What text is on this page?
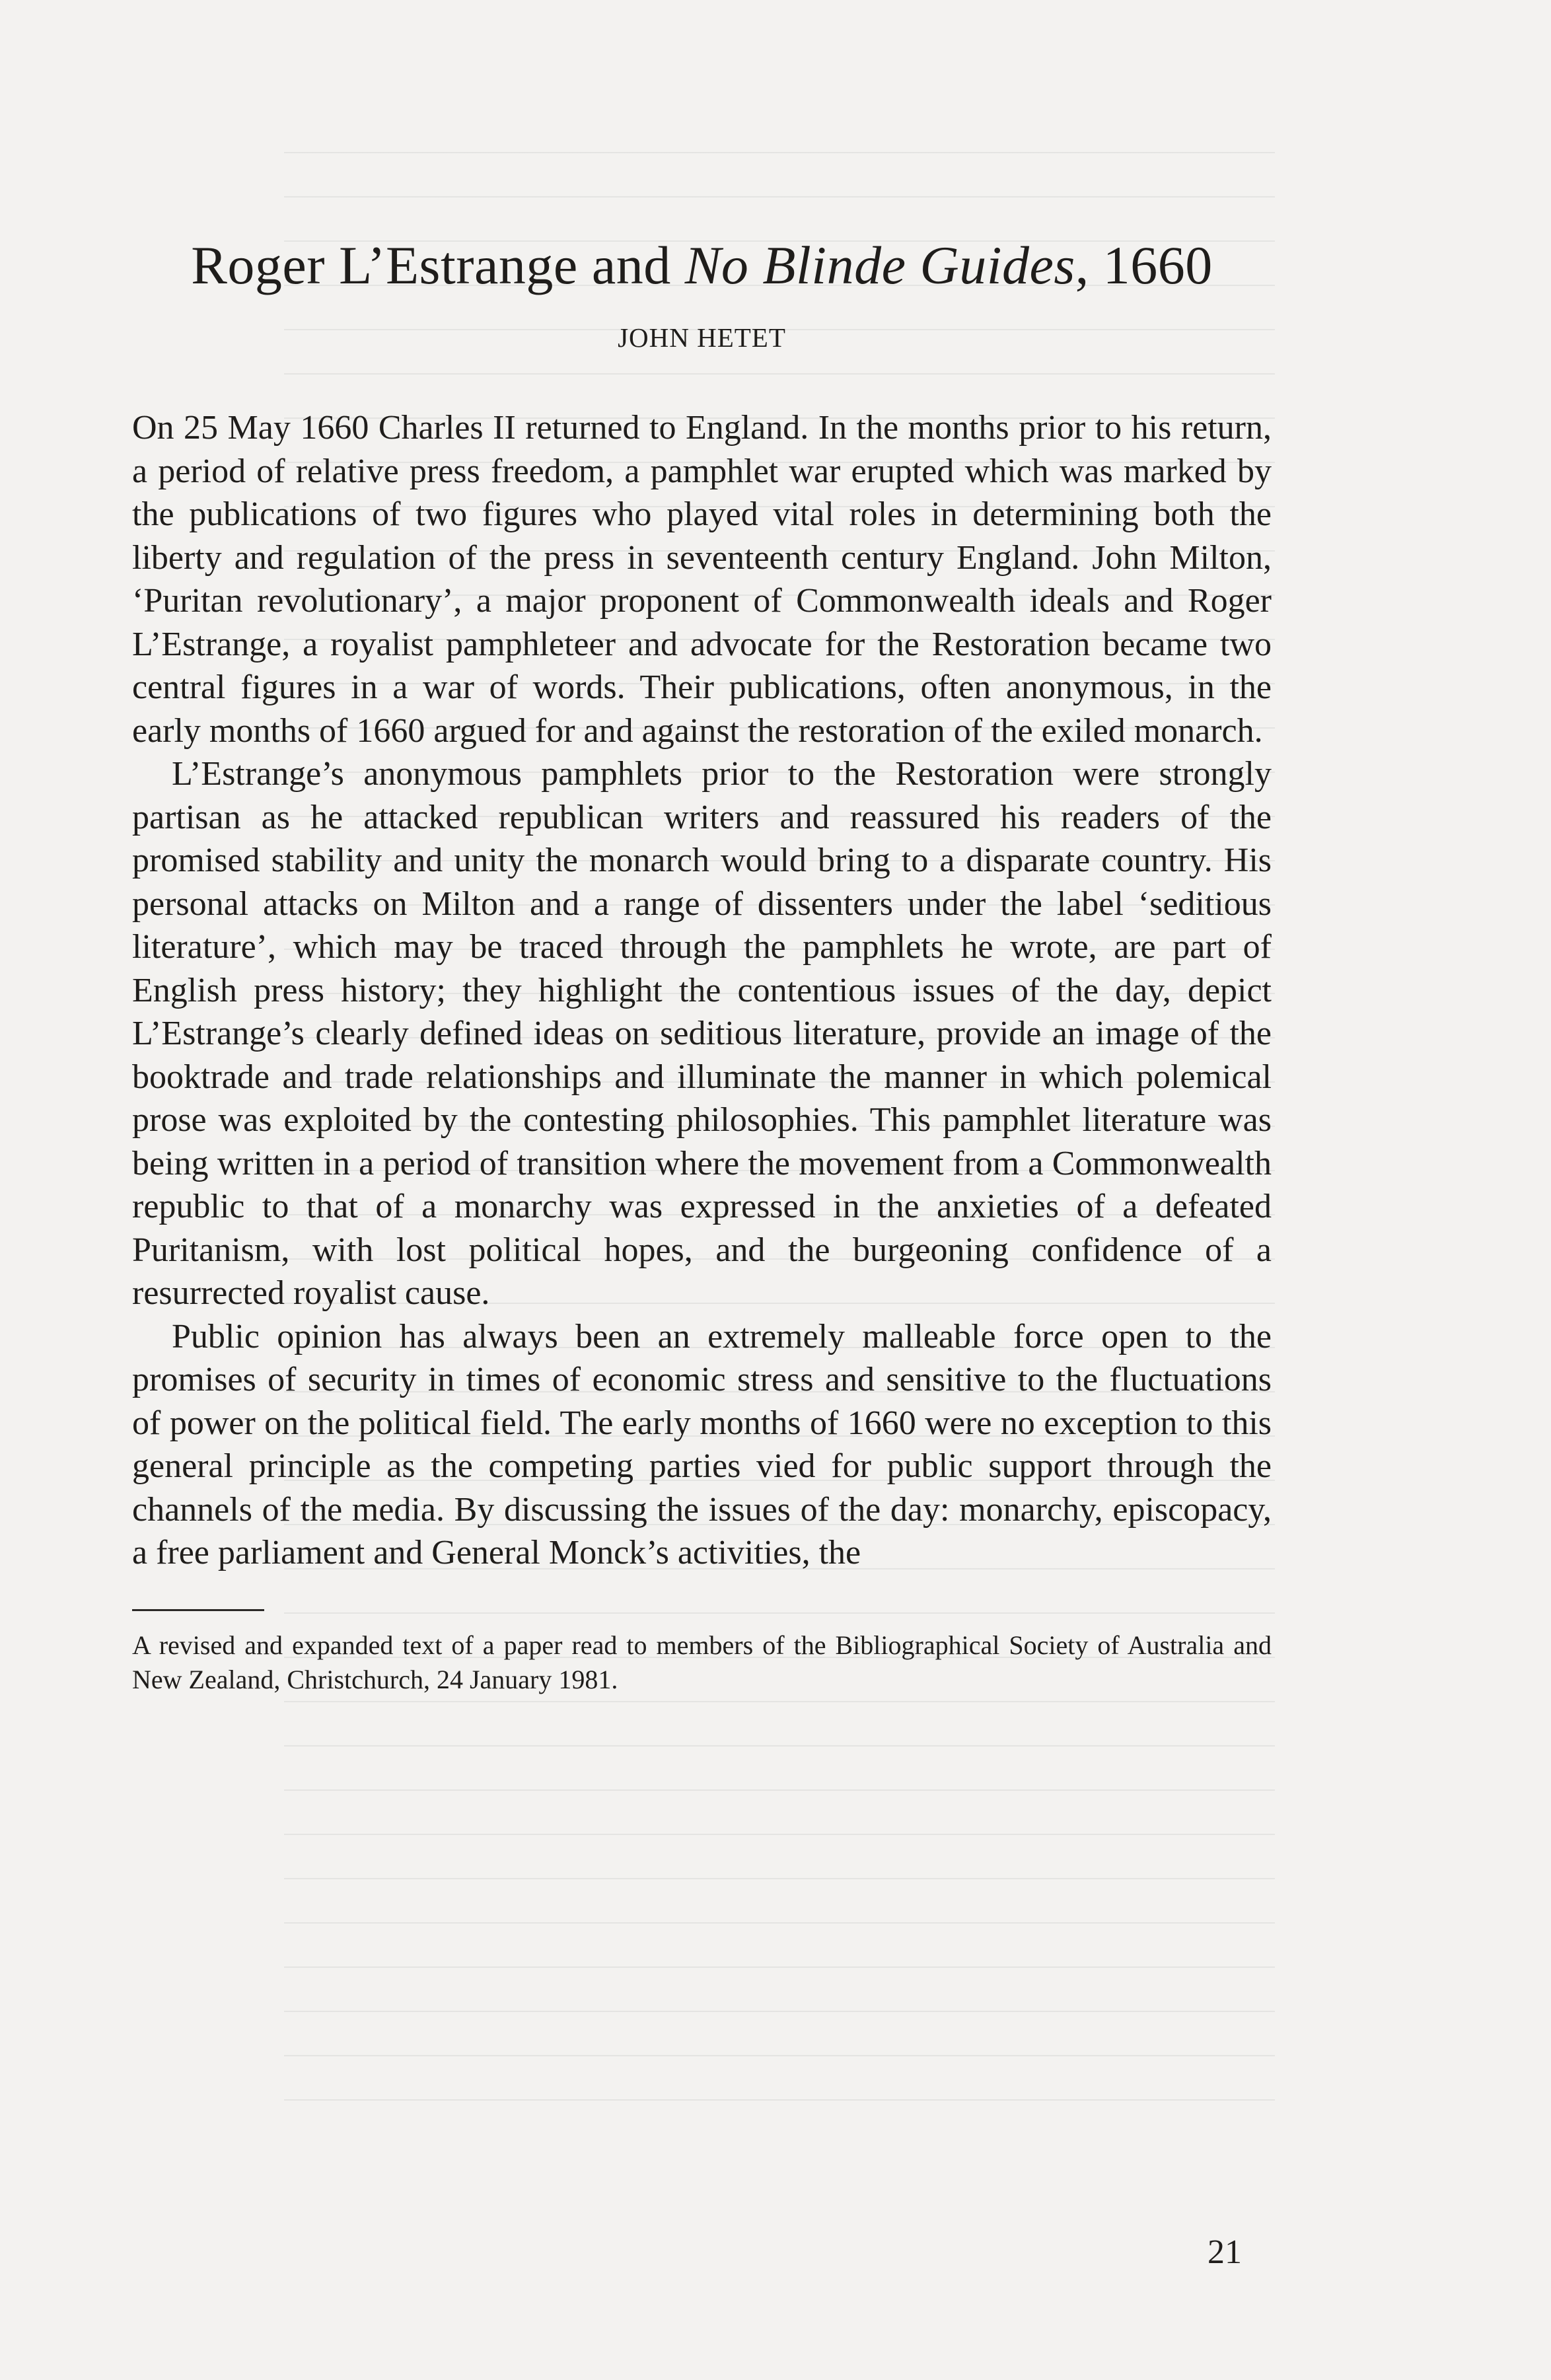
Roger L’Estrange and No Blinde Guides, 1660
JOHN HETET

On 25 May 1660 Charles II returned to England. In the months prior to his return, a period of relative press freedom, a pamphlet war erupted which was marked by the publications of two figures who played vital roles in determining both the liberty and regulation of the press in seventeenth century England. John Milton, ‘Puritan revolutionary’, a major proponent of Commonwealth ideals and Roger L’Estrange, a royalist pamphleteer and advocate for the Restoration became two central figures in a war of words. Their publications, often anonymous, in the early months of 1660 argued for and against the restoration of the exiled monarch.

L’Estrange’s anonymous pamphlets prior to the Restoration were strongly partisan as he attacked republican writers and reassured his readers of the promised stability and unity the monarch would bring to a disparate country. His personal attacks on Milton and a range of dissenters under the label ‘seditious literature’, which may be traced through the pamphlets he wrote, are part of English press history; they highlight the contentious issues of the day, depict L’Estrange’s clearly defined ideas on seditious literature, provide an image of the booktrade and trade relationships and illuminate the manner in which polemical prose was exploited by the contesting philosophies. This pamphlet literature was being written in a period of transition where the movement from a Commonwealth republic to that of a monarchy was expressed in the anxieties of a defeated Puritanism, with lost political hopes, and the burgeoning confidence of a resurrected royalist cause.

Public opinion has always been an extremely malleable force open to the promises of security in times of economic stress and sensitive to the fluctuations of power on the political field. The early months of 1660 were no exception to this general principle as the competing parties vied for public support through the channels of the media. By discussing the issues of the day: monarchy, episcopacy, a free parliament and General Monck’s activities, the

A revised and expanded text of a paper read to members of the Bibliographical Society of Australia and New Zealand, Christchurch, 24 January 1981.
21
